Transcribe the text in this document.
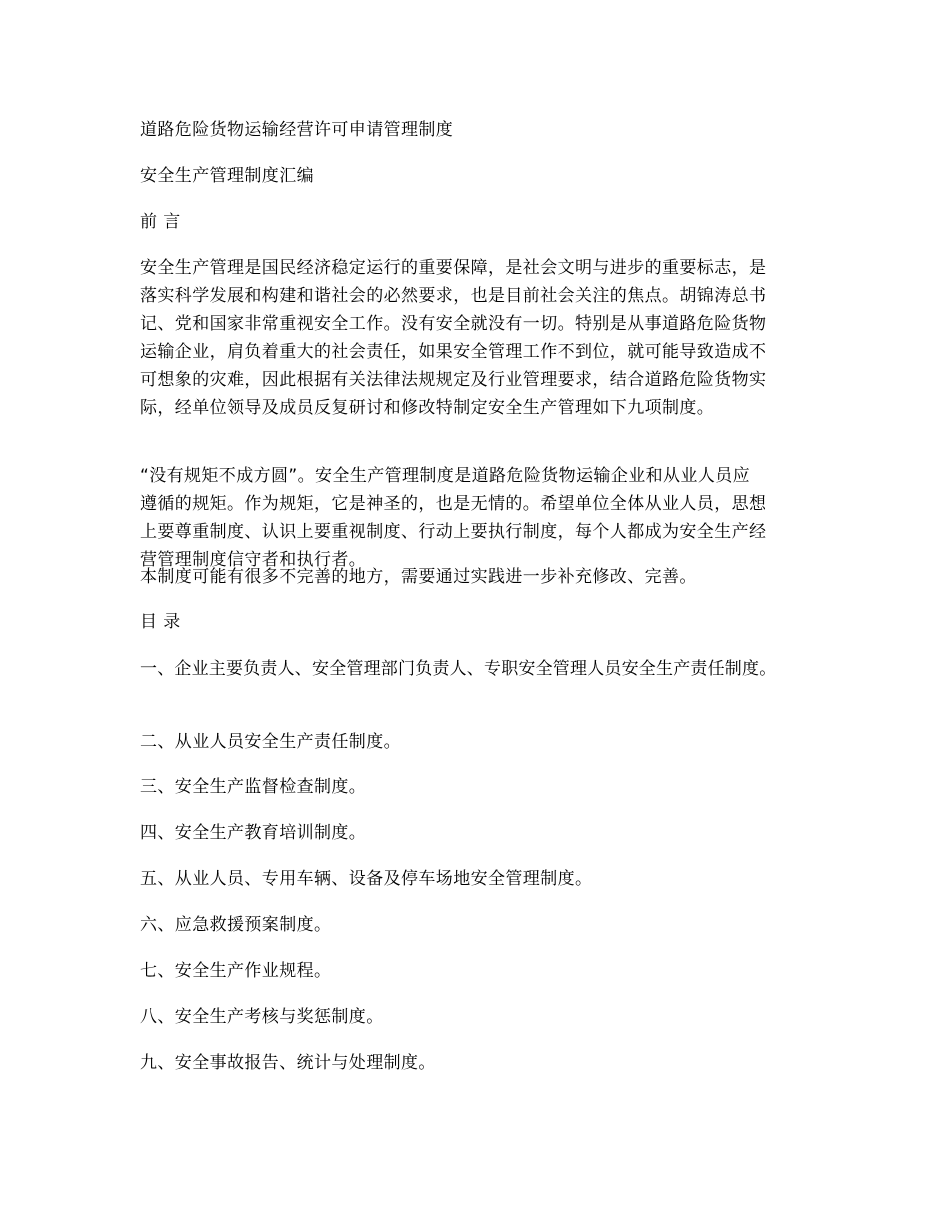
道路危险货物运输经营许可申请管理制度

安全生产管理制度汇编

前 言

安全生产管理是国民经济稳定运行的重要保障，是社会文明与进步的重要标志，是
落实科学发展和构建和谐社会的必然要求，也是目前社会关注的焦点。胡锦涛总书
记、党和国家非常重视安全工作。没有安全就没有一切。特别是从事道路危险货物
运输企业，肩负着重大的社会责任，如果安全管理工作不到位，就可能导致造成不
可想象的灾难，因此根据有关法律法规规定及行业管理要求，结合道路危险货物实
际，经单位领导及成员反复研讨和修改特制定安全生产管理如下九项制度。
“没有规矩不成方圆”。安全生产管理制度是道路危险货物运输企业和从业人员应
遵循的规矩。作为规矩，它是神圣的，也是无情的。希望单位全体从业人员，思想
上要尊重制度、认识上要重视制度、行动上要执行制度，每个人都成为安全生产经
营管理制度信守者和执行者。

本制度可能有很多不完善的地方，需要通过实践进一步补充修改、完善。

目 录

一、企业主要负责人、安全管理部门负责人、专职安全管理人员安全生产责任制度。

二、从业人员安全生产责任制度。

三、安全生产监督检查制度。

四、安全生产教育培训制度。

五、从业人员、专用车辆、设备及停车场地安全管理制度。

六、应急救援预案制度。

七、安全生产作业规程。

八、安全生产考核与奖惩制度。

九、安全事故报告、统计与处理制度。
